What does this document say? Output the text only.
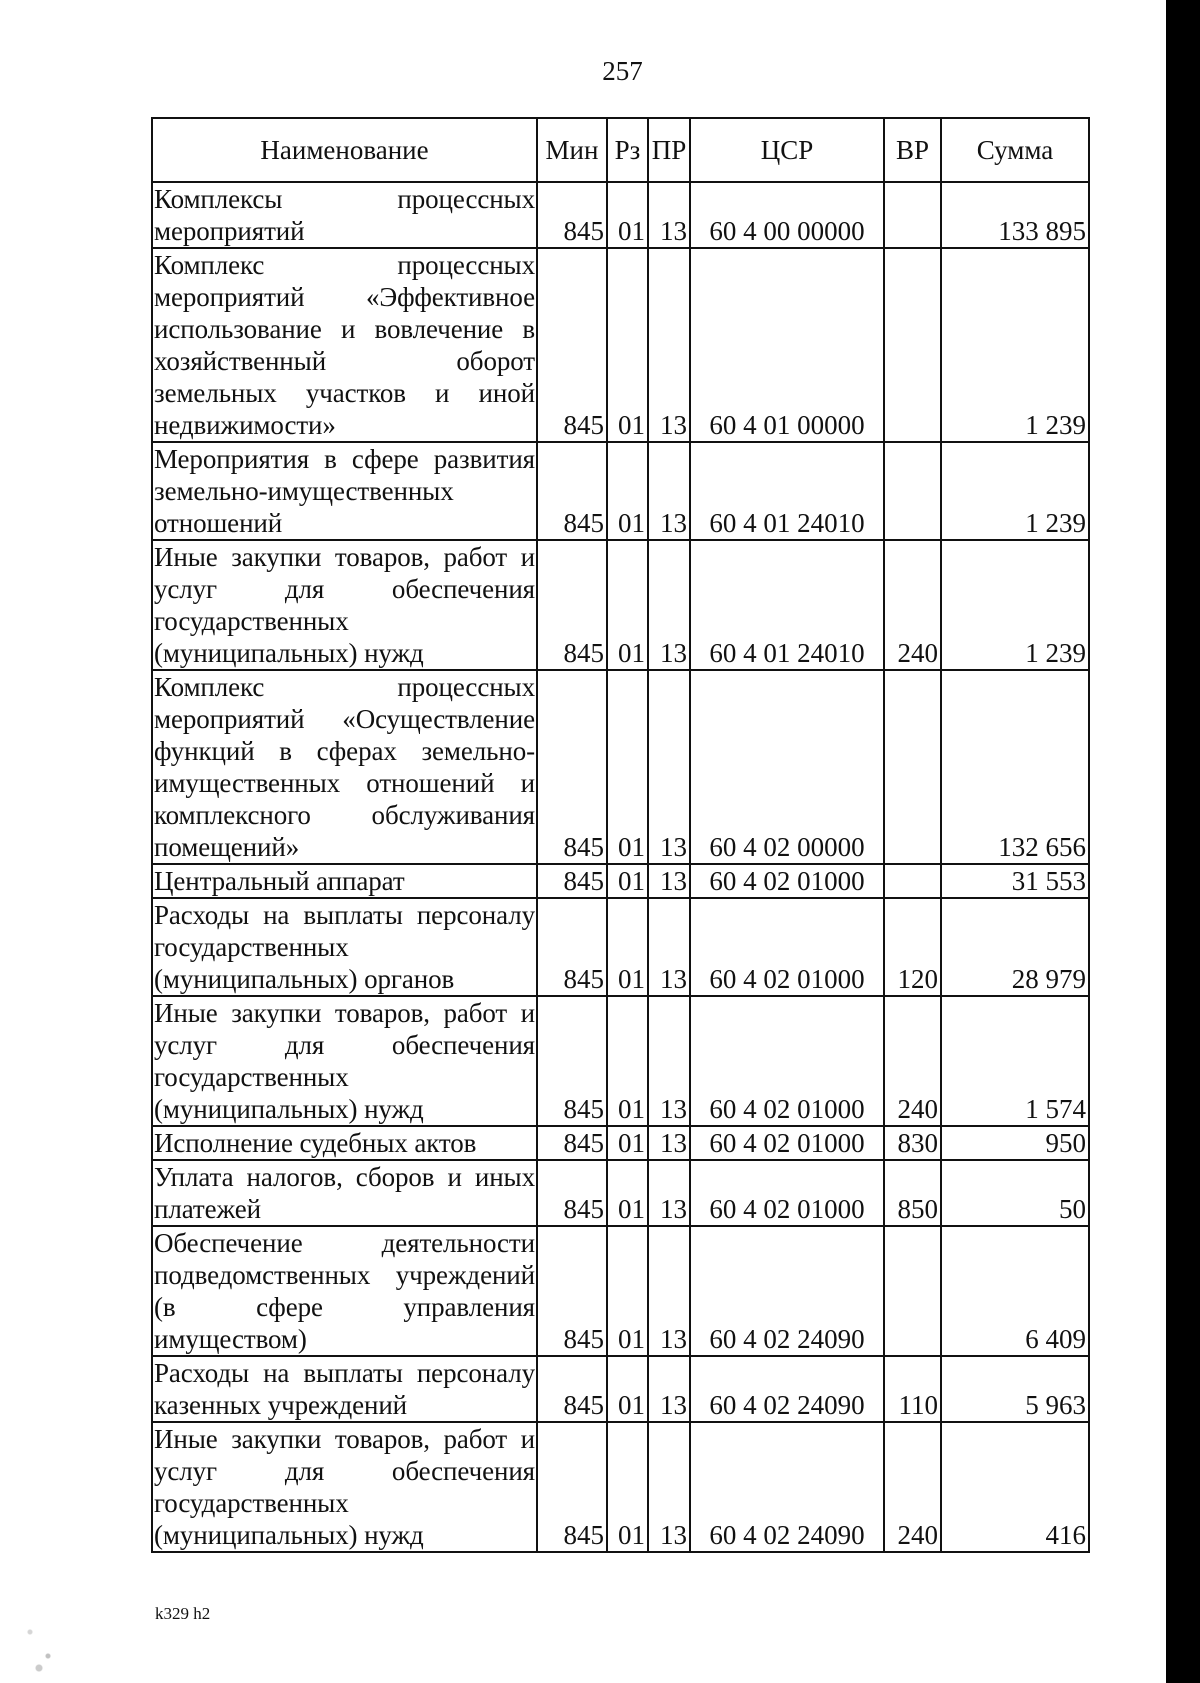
257
Наименование	Мин	Рз	ПР	ЦСР	ВР	Сумма
Комплексы процессных мероприятий	845	01	13	60 4 00 00000		133 895
Комплекс процессных мероприятий «Эффективное использование и вовлечение в хозяйственный оборот земельных участков и иной недвижимости»	845	01	13	60 4 01 00000		1 239
Мероприятия в сфере развития земельно-имущественных отношений	845	01	13	60 4 01 24010		1 239
Иные закупки товаров, работ и услуг для обеспечения государственных (муниципальных) нужд	845	01	13	60 4 01 24010	240	1 239
Комплекс процессных мероприятий «Осуществление функций в сферах земельно-имущественных отношений и комплексного обслуживания помещений»	845	01	13	60 4 02 00000		132 656
Центральный аппарат	845	01	13	60 4 02 01000		31 553
Расходы на выплаты персоналу государственных (муниципальных) органов	845	01	13	60 4 02 01000	120	28 979
Иные закупки товаров, работ и услуг для обеспечения государственных (муниципальных) нужд	845	01	13	60 4 02 01000	240	1 574
Исполнение судебных актов	845	01	13	60 4 02 01000	830	950
Уплата налогов, сборов и иных платежей	845	01	13	60 4 02 01000	850	50
Обеспечение деятельности подведомственных учреждений (в сфере управления имуществом)	845	01	13	60 4 02 24090		6 409
Расходы на выплаты персоналу казенных учреждений	845	01	13	60 4 02 24090	110	5 963
Иные закупки товаров, работ и услуг для обеспечения государственных (муниципальных) нужд	845	01	13	60 4 02 24090	240	416
k329 h2
